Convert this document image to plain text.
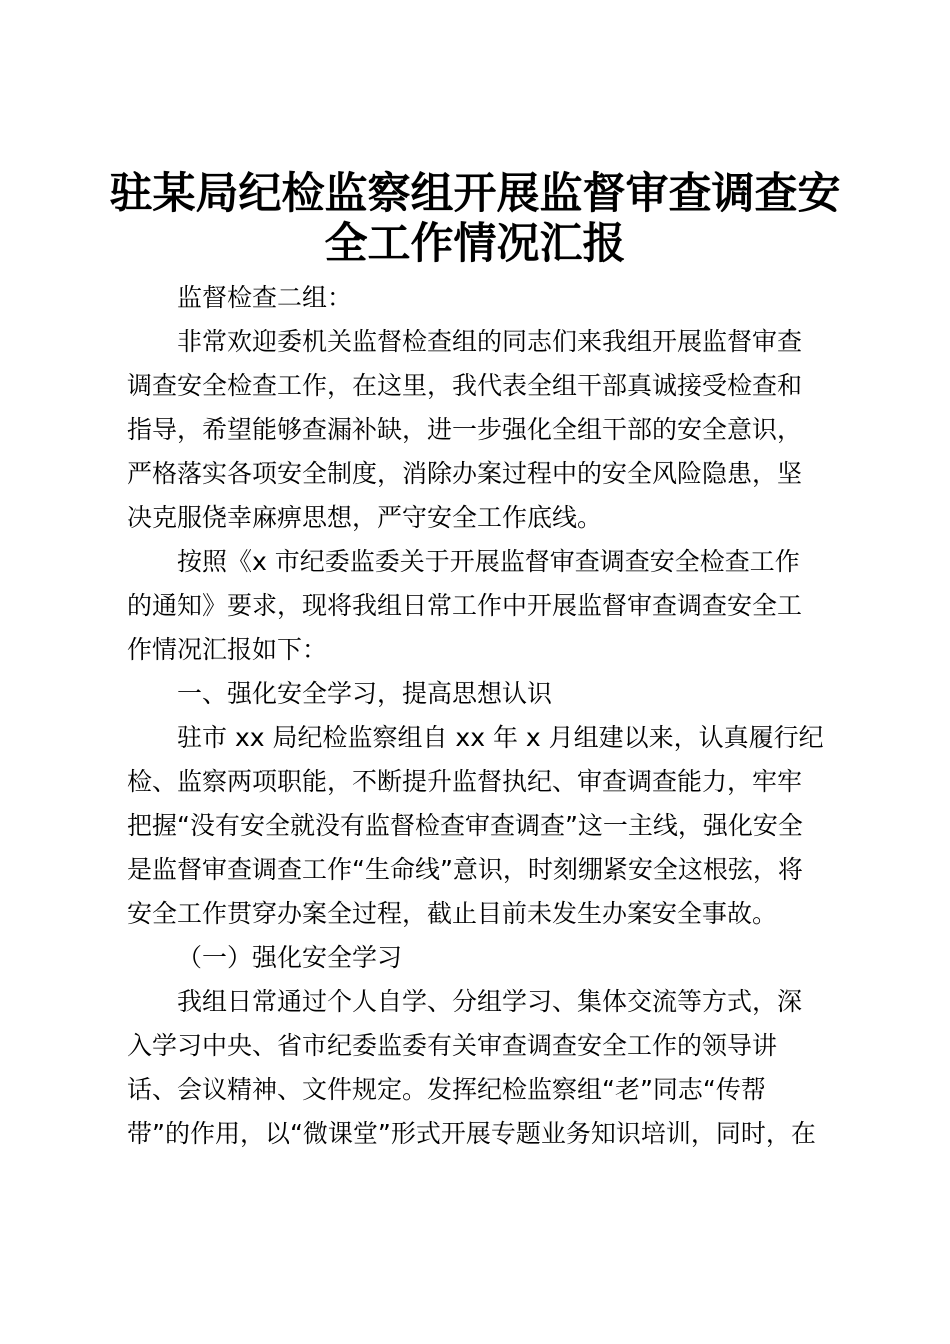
驻某局纪检监察组开展监督审查调查安
全工作情况汇报
监督检查二组：
非常欢迎委机关监督检查组的同志们来我组开展监督审查
调查安全检查工作，在这里，我代表全组干部真诚接受检查和
指导，希望能够查漏补缺，进一步强化全组干部的安全意识，
严格落实各项安全制度，消除办案过程中的安全风险隐患，坚
决克服侥幸麻痹思想，严守安全工作底线。
按照《x 市纪委监委关于开展监督审查调查安全检查工作
的通知》要求，现将我组日常工作中开展监督审查调查安全工
作情况汇报如下：
一、强化安全学习，提高思想认识
驻市 xx 局纪检监察组自 xx 年 x 月组建以来，认真履行纪
检、监察两项职能，不断提升监督执纪、审查调查能力，牢牢
把握“没有安全就没有监督检查审查调查”这一主线，强化安全
是监督审查调查工作“生命线”意识，时刻绷紧安全这根弦，将
安全工作贯穿办案全过程，截止目前未发生办案安全事故。
（一）强化安全学习
我组日常通过个人自学、分组学习、集体交流等方式，深
入学习中央、省市纪委监委有关审查调查安全工作的领导讲
话、会议精神、文件规定。发挥纪检监察组“老”同志“传帮
带”的作用，以“微课堂”形式开展专题业务知识培训，同时，在
